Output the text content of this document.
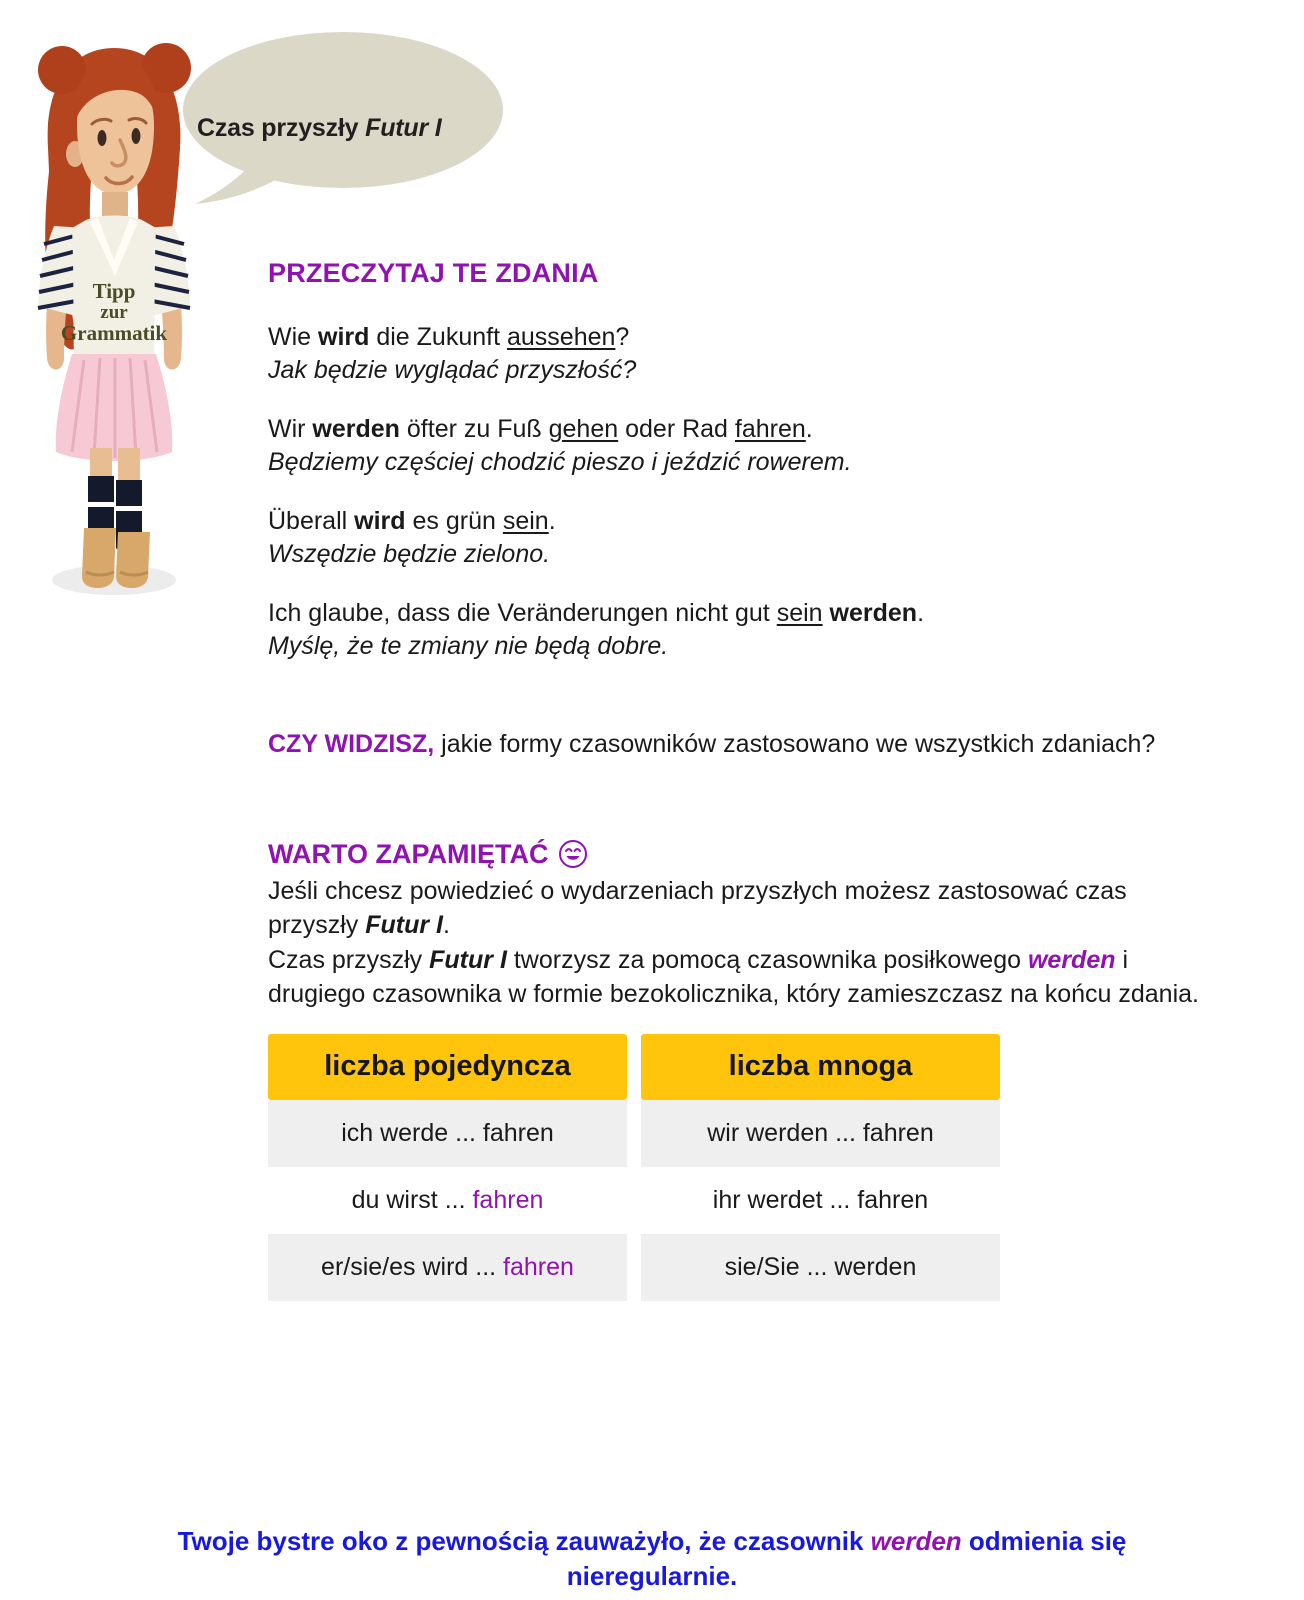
Tipp
zur
Grammatik
Czas przyszły Futur I
PRZECZYTAJ TE ZDANIA
Wie wird die Zukunft aussehen?
Jak będzie wyglądać przyszłość?
Wir werden öfter zu Fuß gehen oder Rad fahren.
Będziemy częściej chodzić pieszo i jeździć rowerem.
Überall wird es grün sein.
Wszędzie będzie zielono.
Ich glaube, dass die Veränderungen nicht gut sein werden.
Myślę, że te zmiany nie będą dobre.

CZY WIDZISZ, jakie formy czasowników zastosowano we wszystkich zdaniach?

WARTO ZAPAMIĘTAĆ

Jeśli chcesz powiedzieć o wydarzeniach przyszłych możesz zastosować czas przyszły Futur I.
Czas przyszły Futur I tworzysz za pomocą czasownika posiłkowego werden i drugiego czasownika w formie bezokolicznika, który zamieszczasz na końcu zdania.

liczba pojedyncza
ich werde ... fahren
du wirst ... fahren
er/sie/es wird ... fahren
liczba mnoga
wir werden ... fahren
ihr werdet ... fahren
sie/Sie ... werden

Twoje bystre oko z pewnością zauważyło, że czasownik werden odmienia się nieregularnie.
